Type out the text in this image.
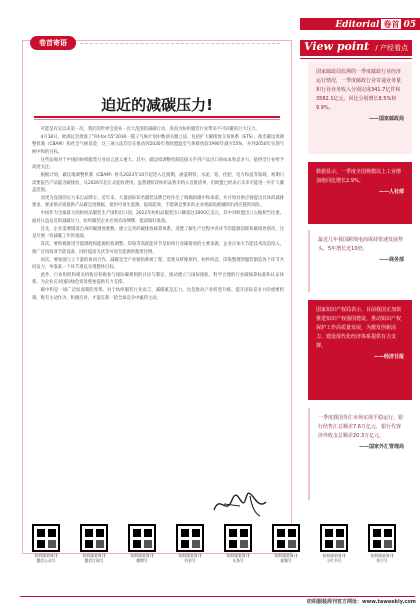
Editorial 卷首 05
卷首寄语
迫近的减碳压力!

可能是有史以来第一次，我们的世界会迎来一次大范围的减碳行动，进而为纺织服装行业带来不可回避的巨大压力。

4月18日，欧洲议会批准了"Fit-for-55"2030一揽子气候计划中数项关键立法，包括扩大碳排放交易体系（ETS），推出碳边境调整机制（CBAM）和社会气候基金，这三项立法均旨在推动到2030年将欧盟温室气体排放较1990年减少55%，并到2050年实现气候中和的目标。

这些法规对于中国的纺织服装行业而言意义重大。其中，碳边境调整机制直接关乎到产品出口的成本和竞争力，值得全行业给予高度关注。

根据计划，碳边境调整机制（CBAM）将从2023年10月起进入过渡期，涵盖钢铁、水泥、铝、化肥、电力和氢等领域，初期只需要报告产品隐含碳排放，从2026年起正式征收费用。虽然现阶段纺织品暂未纳入首批清单，但欧盟已经表示未来可能进一步扩大覆盖范围。

而更为直接的压力来自品牌方。近年来，大量国际知名服装品牌已经作出了明确的碳中和承诺，并开始对供应链提出具体的减排要求，要求供应商提供产品碳足迹数据、使用可再生能源、提高能效，不能满足要求的企业将面临被剔除出供应链的风险。

中国作为全球最大的纺织品服装生产国和出口国，2022年纺织品服装出口额超过3000亿美元，其中对欧盟出口占据相当比重。面对日益迫近的减碳压力，纺织服装企业必须未雨绸缪，提前做好准备。

首先，企业需要摸清自身的碳排放底数，建立完善的碳排放核算体系，清楚了解生产过程中各环节的能源消耗和碳排放情况，这是开展一切减碳工作的基础。

其次，要积极推进节能降耗和能源结构调整。印染等高耗能环节是纺织行业碳排放的主要来源，企业应加大节能技术改造投入，推广应用高效节能设备，同时提高光伏等可再生能源的使用比例。

再次，要加强与上下游的协同合作。减碳是全产业链的系统工程，需要从纤维原料、纺纱织造、印染整理到服装制造各个环节共同发力，单靠某一个环节难以实现整体目标。

此外，行业组织和相关机构应积极参与国际碳规则的讨论与制定，推动建立与国际接轨、科学合理的行业碳核算标准和认证体系，为企业应对国际绿色贸易壁垒提供有力支撑。

碳中和是一场广泛而深刻的变革。对于纺织服装行业而言，减碳既是压力，也是推动产业转型升级、提升国际竞争力的重要机遇。唯有主动作为、积极应对，才能在新一轮全球竞争中赢得主动。

View point / 产经看点
国家邮政局监测的一季度邮政行业经济运行情况，一季度邮政行业寄递业务量和行业业务收入分别完成341.7亿件和3582.1亿元，同比分别增长8.5%和9.9%。
——国家邮政局
数据显示，一季度全国规模以上工业增加值同比增长2.9%。
——人社部
最近几年我国跨境电商保持快速发展势头，5年增长近10倍。
——商务部
国家知识产权局表示，目前我国正加快推进知识产权强国建设，推动知识产权保护工作高质量发展，为激发创新活力、建设现代化经济体系提供有力支撑。
——经济日报
一季度我国外汇市场实现平稳运行，银行结售汇总顺差7.6万亿元，银行代客涉外收支总顺差20.3万亿元。
——国家外汇管理局
纺织服装周刊
微信公众号
纺织服装周刊
微信订阅号
纺织服装周刊
微博号
纺织服装周刊
抖音号
纺织服装周刊
头条号
纺织服装周刊
视频号
纺织服装周刊
小红书号
纺织服装周刊
快手号
纺织服装周刊官方网址：www.taweekly.com
